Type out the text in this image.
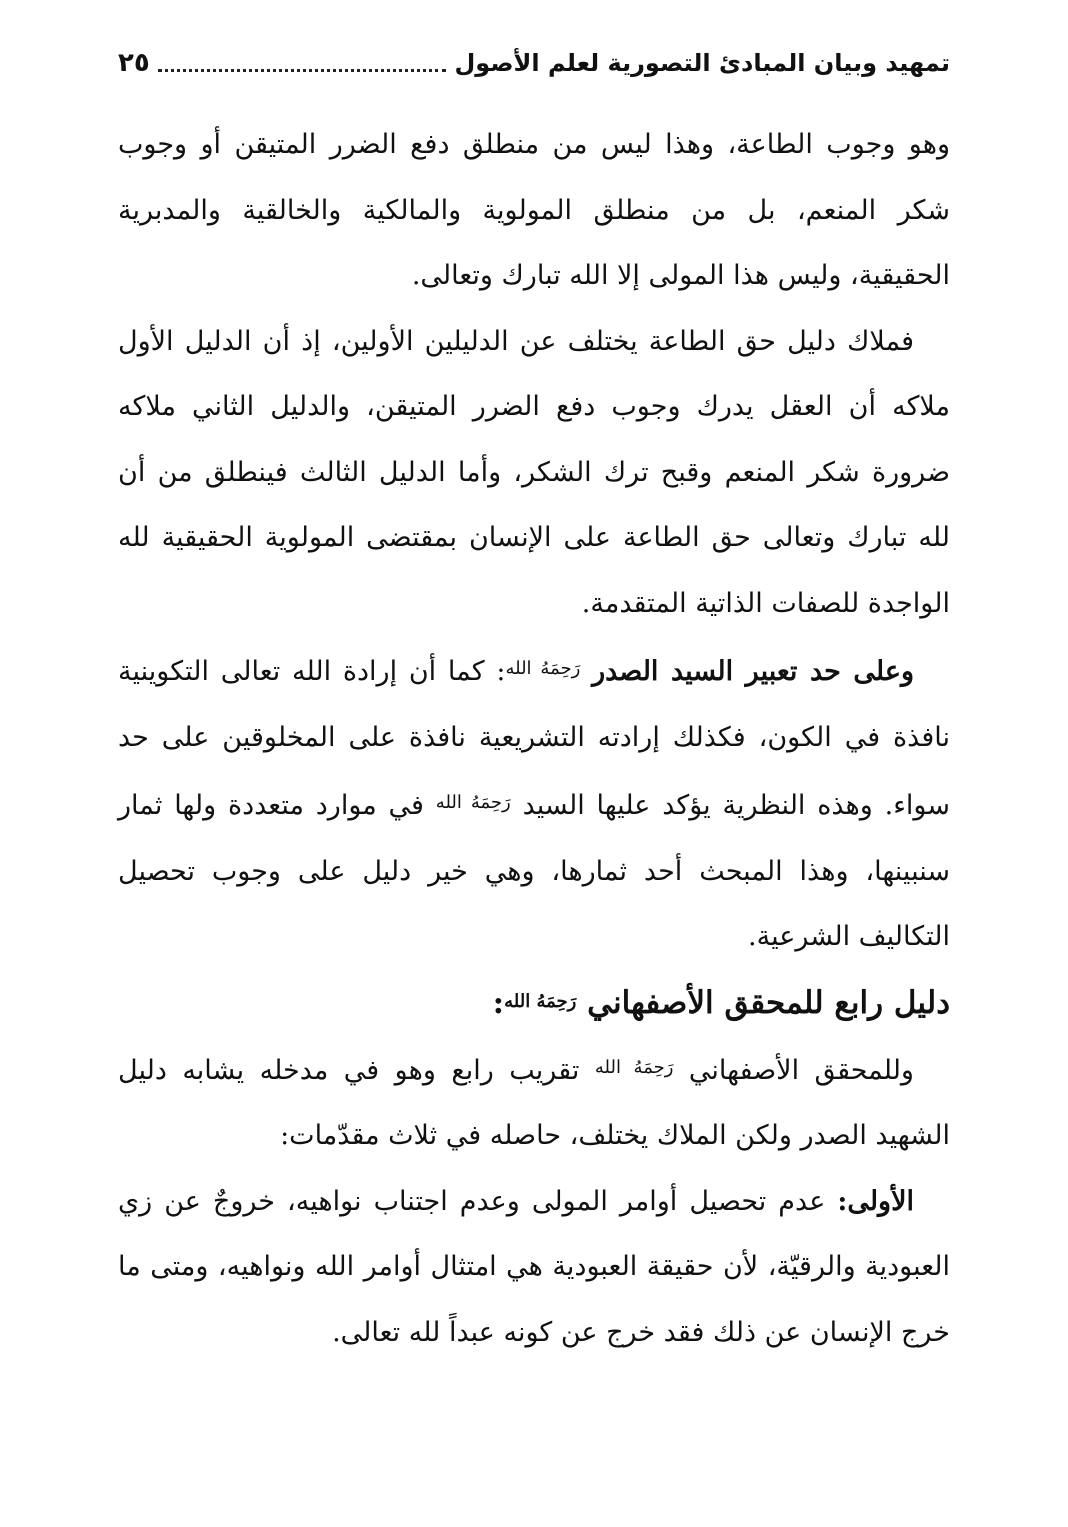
تمهيد وبيان المبادئ التصورية لعلم الأصول
٢٥

وهو وجوب الطاعة، وهذا ليس من منطلق دفع الضرر المتيقن أو وجوب شكر المنعم، بل من منطلق المولوية والمالكية والخالقية والمدبرية الحقيقية، وليس هذا المولى إلا الله تبارك وتعالى.

فملاك دليل حق الطاعة يختلف عن الدليلين الأولين، إذ أن الدليل الأول ملاكه أن العقل يدرك وجوب دفع الضرر المتيقن، والدليل الثاني ملاكه ضرورة شكر المنعم وقبح ترك الشكر، وأما الدليل الثالث فينطلق من أن لله تبارك وتعالى حق الطاعة على الإنسان بمقتضى المولوية الحقيقية لله الواجدة للصفات الذاتية المتقدمة.

وعلى حد تعبير السيد الصدر $^{رَحِمَهُ الله}$: كما أن إرادة الله تعالى التكوينية نافذة في الكون، فكذلك إرادته التشريعية نافذة على المخلوقين على حد سواء. وهذه النظرية يؤكد عليها السيد $^{رَحِمَهُ الله}$ في موارد متعددة ولها ثمار سنبينها، وهذا المبحث أحد ثمارها، وهي خير دليل على وجوب تحصيل التكاليف الشرعية.

دليل رابع للمحقق الأصفهاني رَحِمَهُ الله:

وللمحقق الأصفهاني $^{رَحِمَهُ الله}$ تقريب رابع وهو في مدخله يشابه دليل الشهيد الصدر ولكن الملاك يختلف، حاصله في ثلاث مقدّمات:

الأولى: عدم تحصيل أوامر المولى وعدم اجتناب نواهيه، خروجٌ عن زي العبودية والرقيّة، لأن حقيقة العبودية هي امتثال أوامر الله ونواهيه، ومتى ما خرج الإنسان عن ذلك فقد خرج عن كونه عبداً لله تعالى.
